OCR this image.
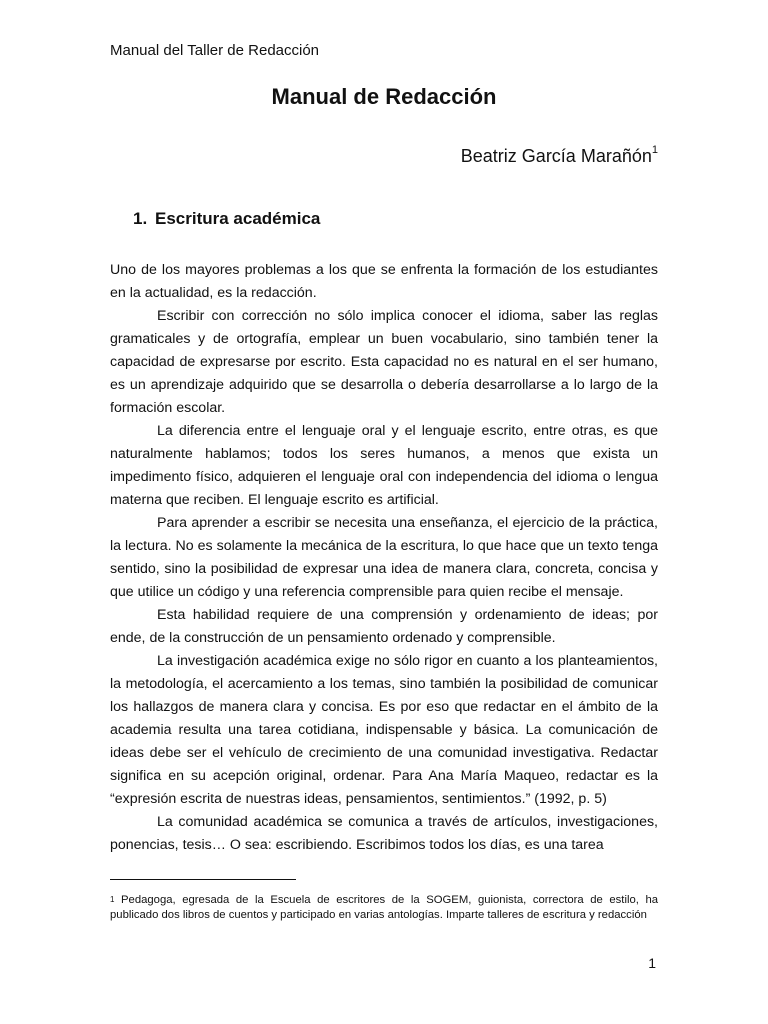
Manual del Taller de Redacción
Manual de Redacción
Beatriz García Marañón$^1$
1. Escritura académica

Uno de los mayores problemas a los que se enfrenta la formación de los estudiantes en la actualidad, es la redacción.

Escribir con corrección no sólo implica conocer el idioma, saber las reglas gramaticales y de ortografía, emplear un buen vocabulario, sino también tener la capacidad de expresarse por escrito. Esta capacidad no es natural en el ser humano, es un aprendizaje adquirido que se desarrolla o debería desarrollarse a lo largo de la formación escolar.

La diferencia entre el lenguaje oral y el lenguaje escrito, entre otras, es que naturalmente hablamos; todos los seres humanos, a menos que exista un impedimento físico, adquieren el lenguaje oral con independencia del idioma o lengua materna que reciben. El lenguaje escrito es artificial.

Para aprender a escribir se necesita una enseñanza, el ejercicio de la práctica, la lectura. No es solamente la mecánica de la escritura, lo que hace que un texto tenga sentido, sino la posibilidad de expresar una idea de manera clara, concreta, concisa y que utilice un código y una referencia comprensible para quien recibe el mensaje.

Esta habilidad requiere de una comprensión y ordenamiento de ideas; por ende, de la construcción de un pensamiento ordenado y comprensible.

La investigación académica exige no sólo rigor en cuanto a los planteamientos, la metodología, el acercamiento a los temas, sino también la posibilidad de comunicar los hallazgos de manera clara y concisa. Es por eso que redactar en el ámbito de la academia resulta una tarea cotidiana, indispensable y básica. La comunicación de ideas debe ser el vehículo de crecimiento de una comunidad investigativa. Redactar significa en su acepción original, ordenar. Para Ana María Maqueo, redactar es la “expresión escrita de nuestras ideas, pensamientos, sentimientos.” (1992, p. 5)

La comunidad académica se comunica a través de artículos, investigaciones, ponencias, tesis… O sea: escribiendo. Escribimos todos los días, es una tarea

$^1$ Pedagoga, egresada de la Escuela de escritores de la SOGEM, guionista, correctora de estilo, ha publicado dos libros de cuentos y participado en varias antologías. Imparte talleres de escritura y redacción

1
